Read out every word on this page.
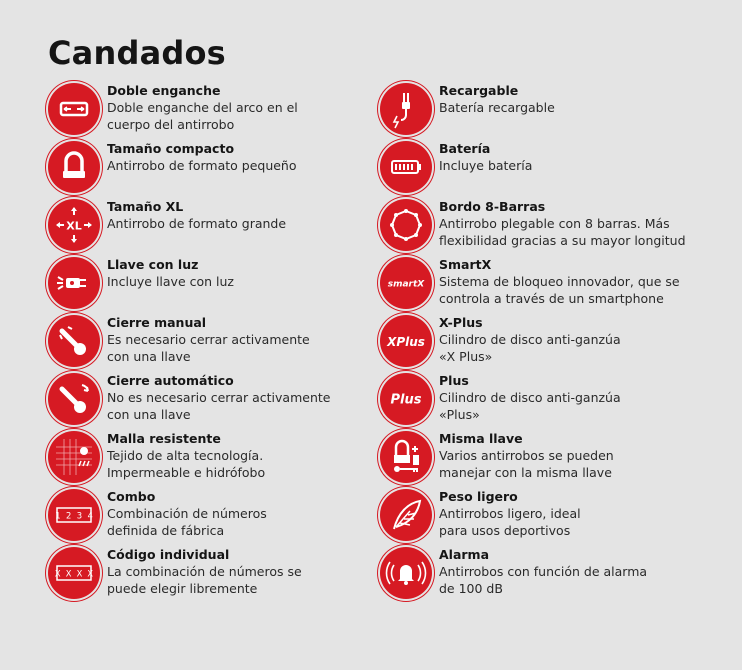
Candados
Doble enganche
Doble enganche del arco en el
cuerpo del antirrobo
Tamaño compacto
Antirrobo de formato pequeño
XL
Tamaño XL
Antirrobo de formato grande
Llave con luz
Incluye llave con luz
Cierre manual
Es necesario cerrar activamente
con una llave
Cierre automático
No es necesario cerrar activamente
con una llave
Malla resistente
Tejido de alta tecnología.
Impermeable e hidrófobo
1 2 3 4
Combo
Combinación de números
definida de fábrica
X X X X
Código individual
La combinación de números se
puede elegir libremente
Recargable
Batería recargable
Batería
Incluye batería
Bordo 8-Barras
Antirrobo plegable con 8 barras. Más
flexibilidad gracias a su mayor longitud
smartX
SmartX
Sistema de bloqueo innovador, que se
controla a través de un smartphone
XPlus
X-Plus
Cilindro de disco anti-ganzúa
«X Plus»
Plus
Plus
Cilindro de disco anti-ganzúa
«Plus»
Misma llave
Varios antirrobos se pueden
manejar con la misma llave
Peso ligero
Antirrobos ligero, ideal
para usos deportivos
Alarma
Antirrobos con función de alarma
de 100 dB
